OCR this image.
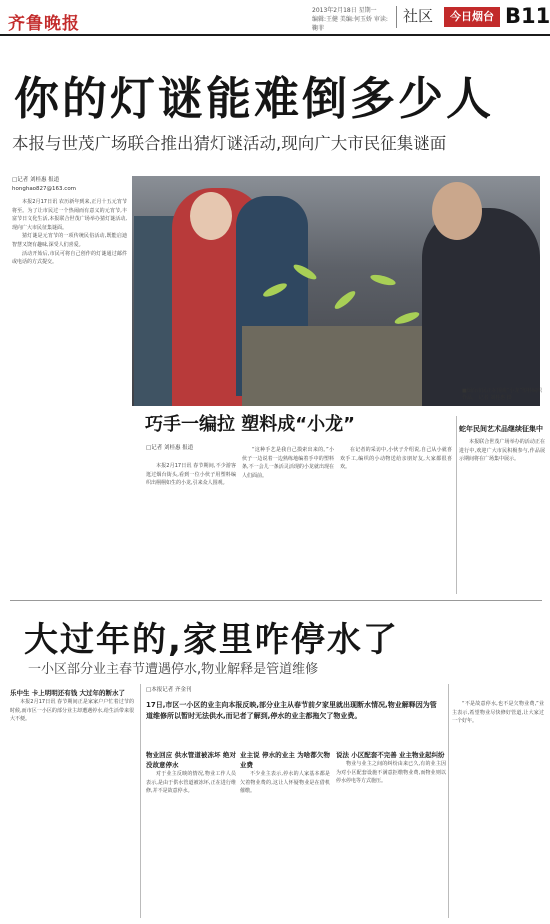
齐鲁晚报
2013年2月18日 星期一
编辑:王健 美编:何玉娇 审读:鞠菲
社区	今日烟台 B11
你的灯谜能难倒多少人
本报与世茂广场联合推出猜灯谜活动,现向广大市民征集谜面
□记者 刘桂惠 报道
honghao827@163.com

本报2月17日讯 农历新年到来,正月十五元宵节将至。为了让市民过一个热闹而有意义的元宵节,丰富节日文化生活,本报联合世茂广场举办猜灯谜活动,现向广大市民征集谜面。

猜灯谜是元宵节的一项传统民俗活动,既能启迪智慧又饶有趣味,深受人们喜爱。

活动开始后,市民可将自己创作的灯谜通过邮件或电话的方式提交。

■烟台市民正在围观“小龙”塑料编织作品。 记者 刘桂惠 摄
巧手一编拉 塑料成“小龙”
□记者 刘桂惠 报道

本报2月17日讯 春节期间,不少游客逛过烟台街头,看到一位小伙子用塑料编织出栩栩如生的小龙,引来众人围观。

“这种手艺是我自己摸索出来的。”小伙子一边说着一边熟练地编着手中的塑料条,不一会儿一条活灵活现的小龙就出现在人们面前。

在记者的采访中,小伙子介绍说,自己从小就喜欢手工,编织的小动物送给亲朋好友,大家都很喜欢。

蛇年民间艺术品继续征集中

本报联合世茂广场举办的活动正在进行中,欢迎广大市民积极参与,作品展示期间将在广场集中展示。

大过年的,家里咋停水了
一小区部分业主春节遭遇停水,物业解释是管道维修
乐中生 卡上明明还有钱 大过年的断水了

本报2月17日讯 春节期间正是家家户户忙着过节的时候,而市区一小区的部分业主却遭遇停水,给生活带来很大不便。

□本报记者 齐金刊
17日,市区一小区的业主向本报反映,部分业主从春节前夕家里就出现断水情况,物业解释因为管道维修所以暂时无法供水,而记者了解到,停水的业主都拖欠了物业费。
物业回应 供水管道被冻坏 绝对没故意停水

对于业主反映的情况,物业工作人员表示,是由于供水管道被冻坏,正在进行维修,并不是故意停水。

业主说 停水的业主 为啥都欠物业费

不少业主表示,停水的人家基本都是欠着物业费的,这让人怀疑物业是在借机催缴。

说法 小区配套不完善 业主物业起纠纷

物业与业主之间的纠纷由来已久,有的业主因为对小区配套设施不满意拒缴物业费,而物业则以停水停电等方式施压。

“不是故意停水,也不是欠物业费,”业主表示,希望物业尽快修好管道,让大家过一个好年。
